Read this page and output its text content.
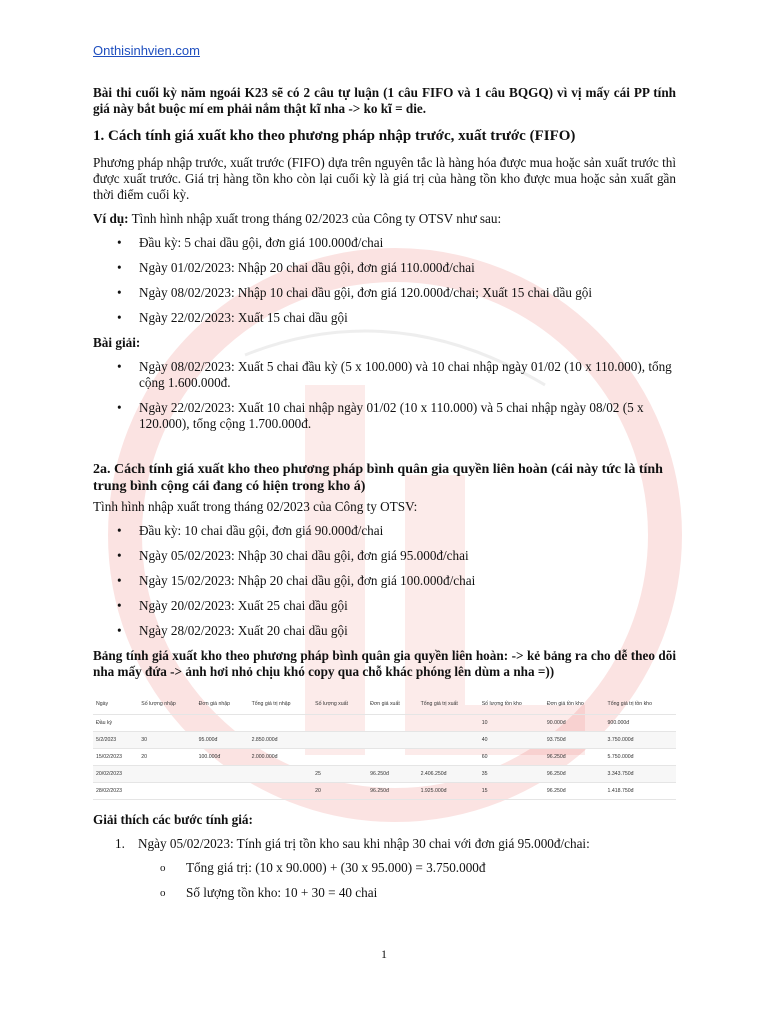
Onthisinhvien.com

Bài thi cuối kỳ năm ngoái K23 sẽ có 2 câu tự luận (1 câu FIFO và 1 câu BQGQ) vì vị mấy cái PP tính giá này bắt buộc mí em phải nắm thật kĩ nha -> ko kĩ = die.

1. Cách tính giá xuất kho theo phương pháp nhập trước, xuất trước (FIFO)

Phương pháp nhập trước, xuất trước (FIFO) dựa trên nguyên tắc là hàng hóa được mua hoặc sản xuất trước thì được xuất trước. Giá trị hàng tồn kho còn lại cuối kỳ là giá trị của hàng tồn kho được mua hoặc sản xuất gần thời điểm cuối kỳ.

Ví dụ: Tình hình nhập xuất trong tháng 02/2023 của Công ty OTSV như sau:

• Đầu kỳ: 5 chai dầu gội, đơn giá 100.000đ/chai
• Ngày 01/02/2023: Nhập 20 chai dầu gội, đơn giá 110.000đ/chai
• Ngày 08/02/2023: Nhập 10 chai dầu gội, đơn giá 120.000đ/chai; Xuất 15 chai dầu gội
• Ngày 22/02/2023: Xuất 15 chai dầu gội

Bài giải:

• Ngày 08/02/2023: Xuất 5 chai đầu kỳ (5 x 100.000) và 10 chai nhập ngày 01/02 (10 x 110.000), tổng cộng 1.600.000đ.
• Ngày 22/02/2023: Xuất 10 chai nhập ngày 01/02 (10 x 110.000) và 5 chai nhập ngày 08/02 (5 x 120.000), tổng cộng 1.700.000đ.
2a. Cách tính giá xuất kho theo phương pháp bình quân gia quyền liên hoàn (cái này tức là tính trung bình cộng cái đang có hiện trong kho á)

Tình hình nhập xuất trong tháng 02/2023 của Công ty OTSV:

• Đầu kỳ: 10 chai dầu gội, đơn giá 90.000đ/chai
• Ngày 05/02/2023: Nhập 30 chai dầu gội, đơn giá 95.000đ/chai
• Ngày 15/02/2023: Nhập 20 chai dầu gội, đơn giá 100.000đ/chai
• Ngày 20/02/2023: Xuất 25 chai dầu gội
• Ngày 28/02/2023: Xuất 20 chai dầu gội

Bảng tính giá xuất kho theo phương pháp bình quân gia quyền liên hoàn: -> kẻ bảng ra cho dễ theo dõi nha mấy đứa -> ảnh hơi nhỏ chịu khó copy qua chỗ khác phóng lên dùm a nha =))

Ngày	Số lượng nhập	Đơn giá nhập	Tổng giá trị nhập	Số lượng xuất	Đơn giá xuất	Tổng giá trị xuất	Số lượng tồn kho	Đơn giá tồn kho	Tổng giá trị tồn kho
Đầu kỳ							10	90.000đ	900.000đ
5/2/2023	30	95.000đ	2.850.000đ				40	93.750đ	3.750.000đ
15/02/2023	20	100.000đ	2.000.000đ				60	96.250đ	5.750.000đ
20/02/2023				25	96.250đ	2.406.250đ	35	96.250đ	3.343.750đ
28/02/2023				20	96.250đ	1.925.000đ	15	96.250đ	1.418.750đ

Giải thích các bước tính giá:

1. Ngày 05/02/2023: Tính giá trị tồn kho sau khi nhập 30 chai với đơn giá 95.000đ/chai:
o Tổng giá trị: (10 x 90.000) + (30 x 95.000) = 3.750.000đ
o Số lượng tồn kho: 10 + 30 = 40 chai
1
